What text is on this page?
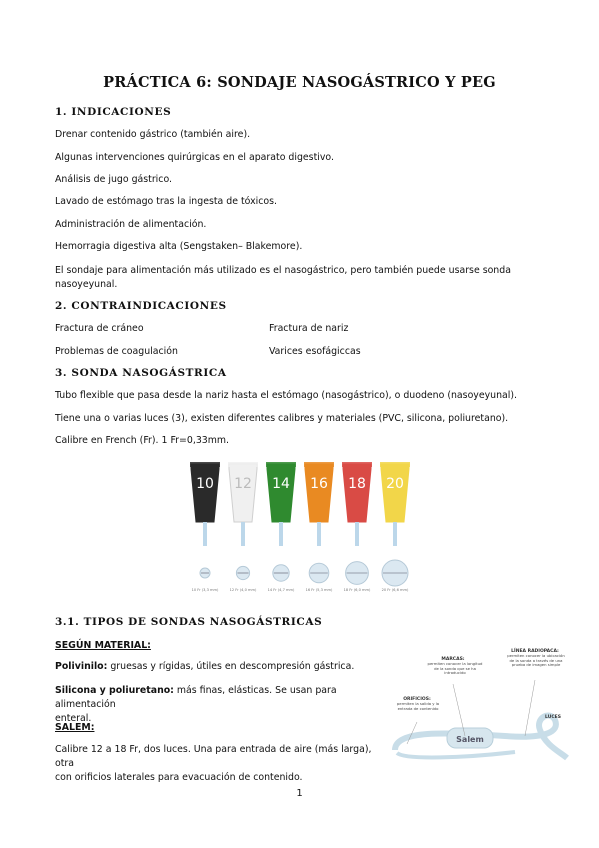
PRÁCTICA 6: SONDAJE NASOGÁSTRICO Y PEG
1. INDICACIONES
Drenar contenido gástrico (también aire).
Algunas intervenciones quirúrgicas en el aparato digestivo.
Análisis de jugo gástrico.
Lavado de estómago tras la ingesta de tóxicos.
Administración de alimentación.
Hemorragia digestiva alta (Sengstaken– Blakemore).
El sondaje para alimentación más utilizado es el nasogástrico, pero también puede usarse sonda
nasoyeyunal.
2. CONTRAINDICACIONES
Fractura de cráneo
Problemas de coagulación
Fractura de nariz
Varices esofágiccas
3. SONDA NASOGÁSTRICA
Tubo flexible que pasa desde la nariz hasta el estómago (nasogástrico), o duodeno (nasoyeyunal).
Tiene una o varias luces (3), existen diferentes calibres y materiales (PVC, silicona, poliuretano).
Calibre en French (Fr). 1 Fr=0,33mm.
10
10 Fr (3,3 mm)
12
12 Fr (4,0 mm)
14
14 Fr (4,7 mm)
16
16 Fr (5,3 mm)
18
18 Fr (6,0 mm)
20
20 Fr (6,6 mm)
3.1. TIPOS DE SONDAS NASOGÁSTRICAS
SEGÚN MATERIAL:
Polivinilo: gruesas y rígidas, útiles en descompresión gástrica.
Silicona y poliuretano: más finas, elásticas. Se usan para alimentación
enteral.
SALEM:
Calibre 12 a 18 Fr, dos luces. Una para entrada de aire (más larga), otra
con orificios laterales para evacuación de contenido.
Salem
MARCAS:
permiten conocer la longitud de la sonda que se ha introducido
LÍNEA RADIOPACA:
permiten conocer la ubicación de la sonda a través de una prueba de imagen simple
ORIFICIOS:
permiten la salida y la entrada de contenido
LUCES
1
